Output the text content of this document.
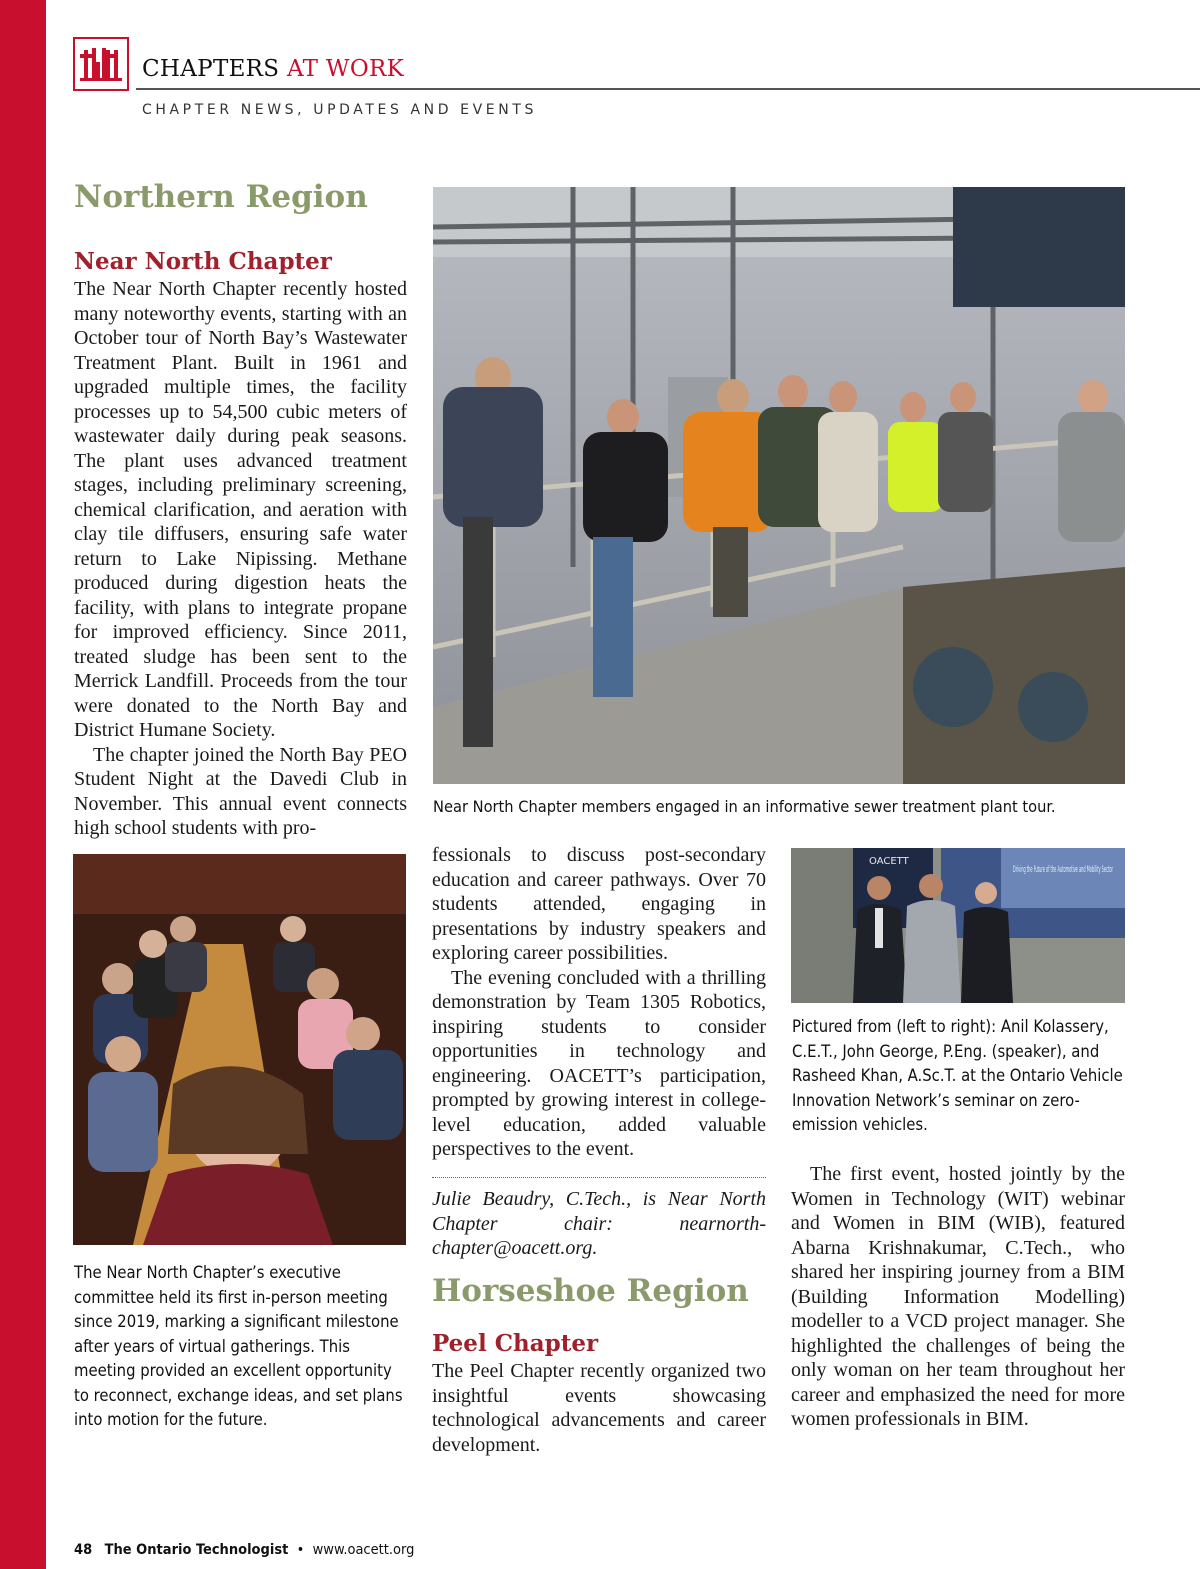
CHAPTERS AT WORK
CHAPTER NEWS, UPDATES AND EVENTS
Northern Region
Near North Chapter

The Near North Chapter recently hosted many noteworthy events, starting with an October tour of North Bay’s Wastewater Treatment Plant. Built in 1961 and upgraded multiple times, the facility processes up to 54,500 cubic meters of wastewater daily during peak seasons. The plant uses advanced treatment stages, including preliminary screening, chemical clarification, and aeration with clay tile diffusers, ensuring safe water return to Lake Nipissing. Methane produced during digestion heats the facility, with plans to integrate propane for improved efficiency. Since 2011, treated sludge has been sent to the Merrick Landfill. Proceeds from the tour were donated to the North Bay and District Humane Society.

The chapter joined the North Bay PEO Student Night at the Davedi Club in November. This annual event connects high school students with pro-

Near North Chapter members engaged in an informative sewer treatment plant tour.
The Near North Chapter’s executive committee held its first in-person meeting since 2019, marking a significant milestone after years of virtual gatherings. This meeting provided an excellent opportunity to reconnect, exchange ideas, and set plans into motion for the future.

fessionals to discuss post-secondary education and career pathways. Over 70 students attended, engaging in presentations by industry speakers and exploring career possibilities.

The evening concluded with a thrilling demonstration by Team 1305 Robotics, inspiring students to consider opportunities in technology and engineering. OACETT’s participation, prompted by growing interest in college-level education, added valuable perspectives to the event.

Julie Beaudry, C.Tech., is Near North Chapter chair: nearnorth-chapter@oacett.org.
Horseshoe Region
Peel Chapter

The Peel Chapter recently organized two insightful events showcasing technological advancements and career development.

OACETT
Driving the Future of the Automotive and Mobility Sector
Pictured from (left to right): Anil Kolassery, C.E.T., John George, P.Eng. (speaker), and Rasheed Khan, A.Sc.T. at the Ontario Vehicle Innovation Network’s seminar on zero-emission vehicles.

The first event, hosted jointly by the Women in Technology (WIT) webinar and Women in BIM (WIB), featured Abarna Krishnakumar, C.Tech., who shared her inspiring journey from a BIM (Building Information Modelling) modeller to a VCD project manager. She highlighted the challenges of being the only woman on her team throughout her career and emphasized the need for more women professionals in BIM.

48 The Ontario Technologist • www.oacett.org
